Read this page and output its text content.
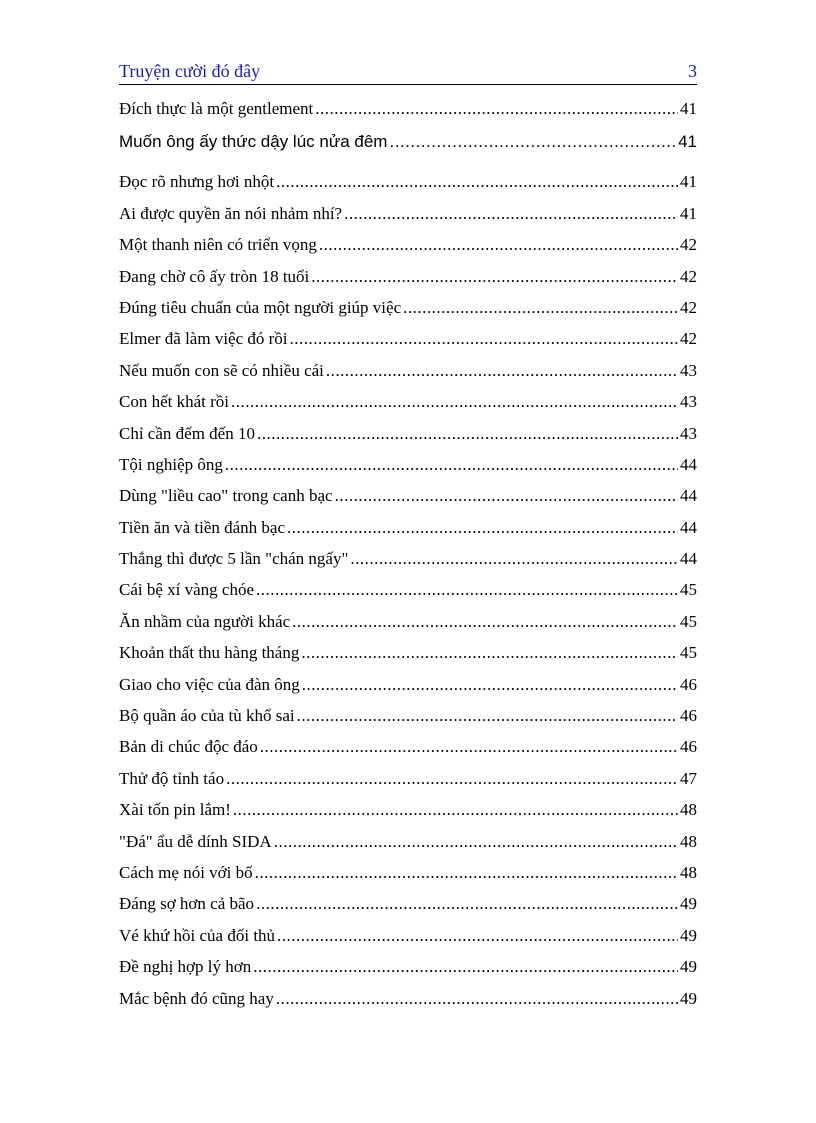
Truyện cười đó đây	3
Đích thực là một gentlement .....	41
Muốn ông ấy thức dậy lúc nửa đêm .....	41
Đọc rõ nhưng hơi nhột .....	41
Ai được quyền ăn nói nhảm nhí? .....	41
Một thanh niên có triển vọng .....	42
Đang chờ cô ấy tròn 18 tuổi .....	42
Đúng tiêu chuẩn của một người giúp việc .....	42
Elmer đã làm việc đó rồi .....	42
Nếu muốn con sẽ có nhiều cái .....	43
Con hết khát rồi .....	43
Chỉ cần đếm đến 10 .....	43
Tội nghiệp ông .....	44
Dùng "liều cao" trong canh bạc .....	44
Tiền ăn và tiền đánh bạc .....	44
Thắng thì được 5 lần "chán ngấy" .....	44
Cái bệ xí vàng chóe .....	45
Ăn nhầm của người khác .....	45
Khoản thất thu hàng tháng .....	45
Giao cho việc của đàn ông .....	46
Bộ quần áo của tù khổ sai .....	46
Bản di chúc độc đáo .....	46
Thử độ tỉnh táo .....	47
Xài tốn pin lắm! .....	48
"Đá" ẩu dễ dính SIDA .....	48
Cách mẹ nói với bố .....	48
Đáng sợ hơn cả bão .....	49
Vé khứ hồi của đối thủ .....	49
Đề nghị hợp lý hơn .....	49
Mắc bệnh đó cũng hay .....	49
